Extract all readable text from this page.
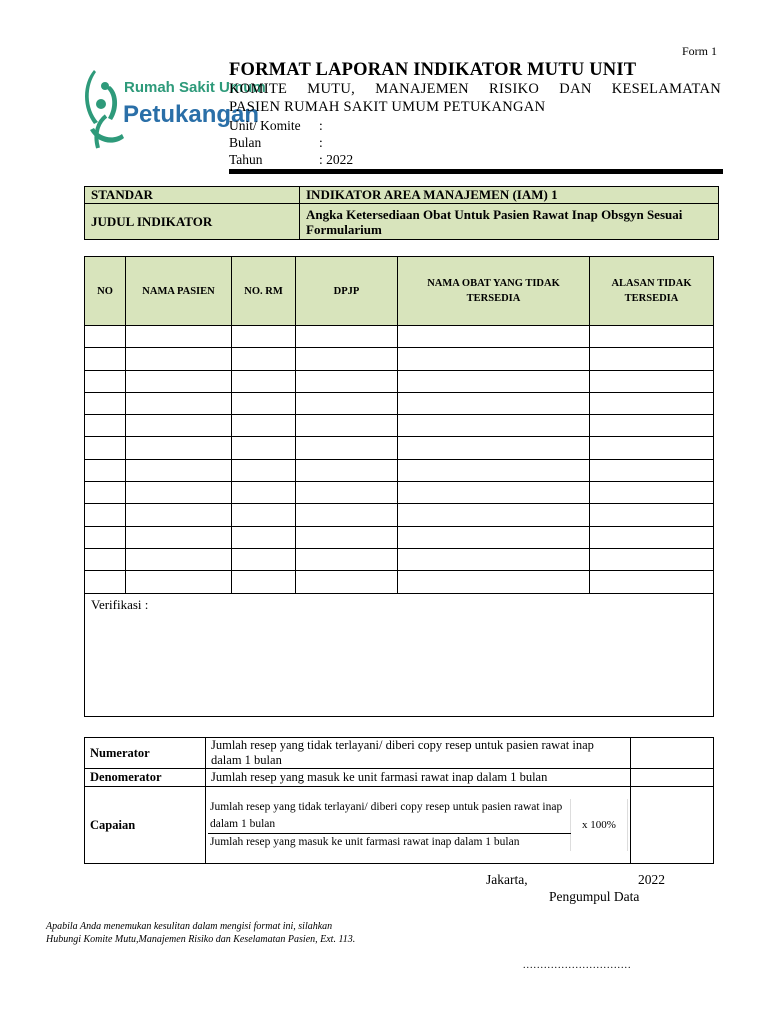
Form 1
Rumah Sakit Umum
Petukangan
FORMAT LAPORAN INDIKATOR MUTU UNIT
KOMITE MUTU, MANAJEMEN RISIKO DAN KESELAMATAN
PASIEN RUMAH SAKIT UMUM PETUKANGAN
Unit/ Komite :
Bulan	:
Tahun	: 2022
STANDAR	INDIKATOR AREA MANAJEMEN (IAM) 1
JUDUL INDIKATOR	Angka Ketersediaan Obat Untuk Pasien Rawat Inap Obsgyn Sesuai Formularium
NO	NAMA PASIEN	NO. RM	DPJP	NAMA OBAT YANG TIDAK TERSEDIA	ALASAN TIDAK TERSEDIA

Verifikasi :					
Numerator	Jumlah resep yang tidak terlayani/ diberi copy resep untuk pasien rawat inap dalam 1 bulan	
Denomerator	Jumlah resep yang masuk ke unit farmasi rawat inap dalam 1 bulan	
Capaian	
Jumlah resep yang tidak terlayani/ diberi copy resep untuk pasien rawat inap dalam 1 bulan	x 100%
Jumlah resep yang masuk ke unit farmasi rawat inap dalam 1 bulan

Jakarta,	2022
Pengumpul Data
Apabila Anda menemukan kesulitan dalam mengisi format ini, silahkan
Hubungi Komite Mutu,Manajemen Risiko dan Keselamatan Pasien, Ext. 113.
...............................
